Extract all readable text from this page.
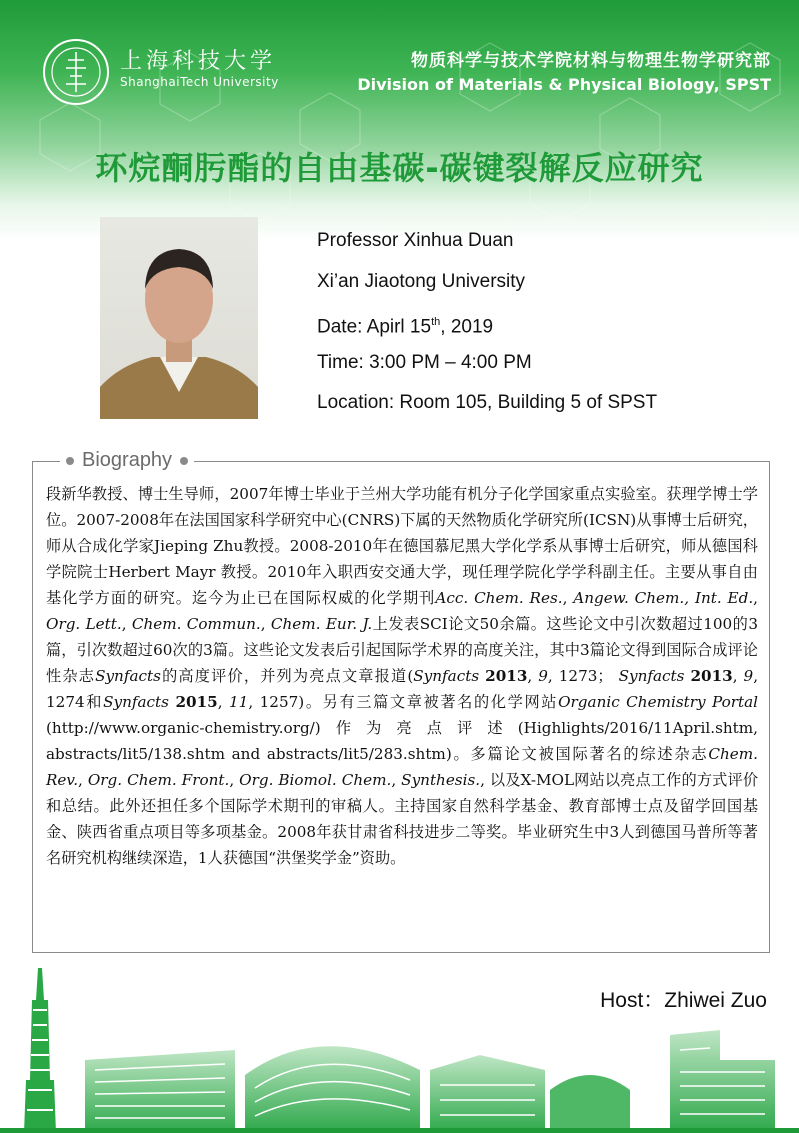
上海科技大学
ShanghaiTech University
物质科学与技术学院材料与物理生物学研究部
Division of Materials & Physical Biology, SPST
环烷酮肟酯的自由基碳-碳键裂解反应研究
Professor Xinhua Duan
Xi’an Jiaotong University
Date: Apirl 15th, 2019
Time: 3:00 PM – 4:00 PM
Location: Room 105, Building 5 of SPST
Biography
段新华教授、博士生导师，2007年博士毕业于兰州大学功能有机分子化学国家重点实验室。获理学博士学位。2007-2008年在法国国家科学研究中心(CNRS)下属的天然物质化学研究所(ICSN)从事博士后研究，师从合成化学家Jieping Zhu教授。2008-2010年在德国慕尼黑大学化学系从事博士后研究，师从德国科学院院士Herbert Mayr 教授。2010年入职西安交通大学，现任理学院化学学科副主任。主要从事自由基化学方面的研究。迄今为止已在国际权威的化学期刊Acc. Chem. Res., Angew. Chem., Int. Ed., Org. Lett., Chem. Commun., Chem. Eur. J.上发表SCI论文50余篇。这些论文中引次数超过100的3篇，引次数超过60次的3篇。这些论文发表后引起国际学术界的高度关注，其中3篇论文得到国际合成评论性杂志Synfacts的高度评价，并列为亮点文章报道(Synfacts 2013, 9, 1273； Synfacts 2013, 9, 1274和Synfacts 2015, 11, 1257)。另有三篇文章被著名的化学网站Organic Chemistry Portal (http://www.organic-chemistry.org/)作为亮点评述(Highlights/2016/11April.shtm, abstracts/lit5/138.shtm and abstracts/lit5/283.shtm)。多篇论文被国际著名的综述杂志Chem. Rev., Org. Chem. Front., Org. Biomol. Chem., Synthesis., 以及X-MOL网站以亮点工作的方式评价和总结。此外还担任多个国际学术期刊的审稿人。主持国家自然科学基金、教育部博士点及留学回国基金、陕西省重点项目等多项基金。2008年获甘肃省科技进步二等奖。毕业研究生中3人到德国马普所等著名研究机构继续深造，1人获德国“洪堡奖学金”资助。
Host：Zhiwei Zuo
